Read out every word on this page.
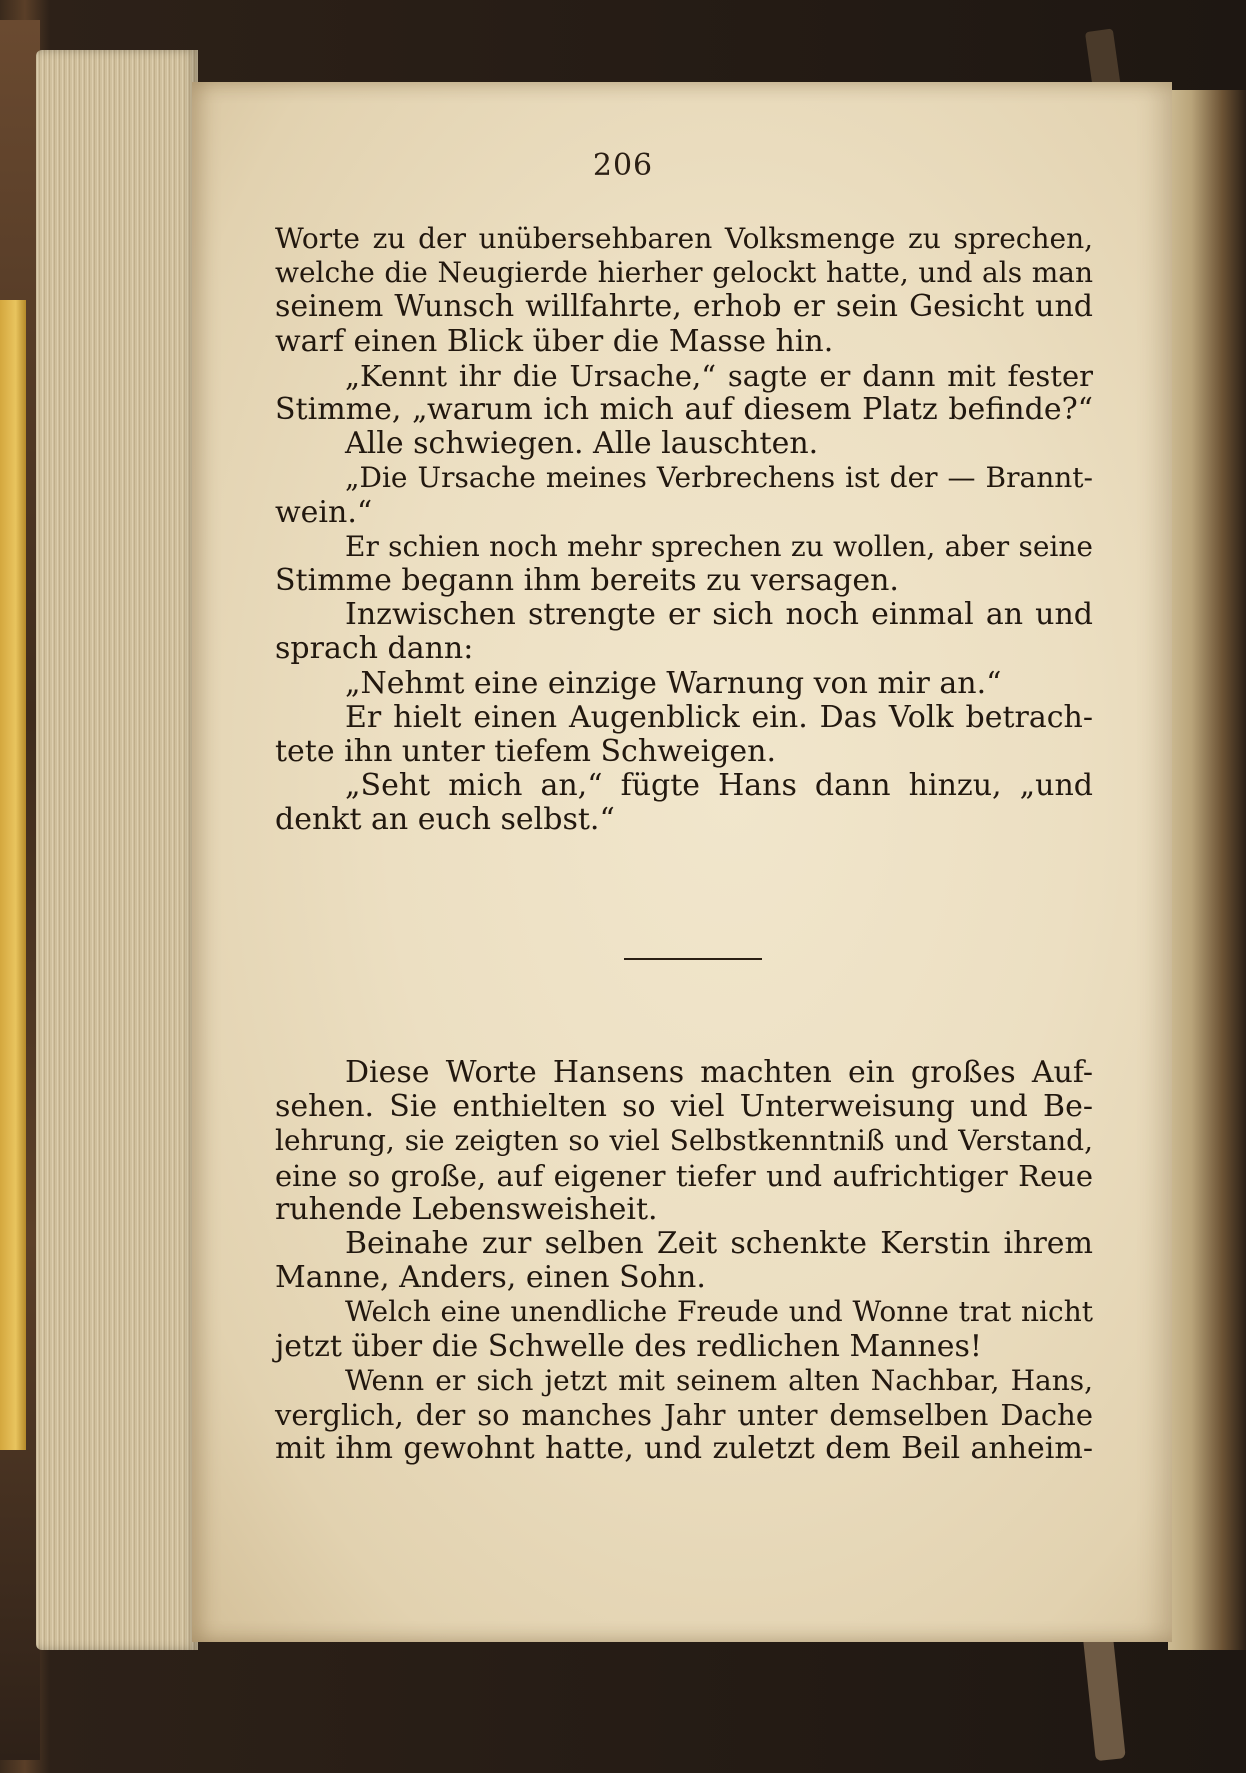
206
Worte zu der unübersehbaren Volksmenge zu sprechen,
welche die Neugierde hierher gelockt hatte, und als man
seinem Wunsch willfahrte, erhob er sein Gesicht und
warf einen Blick über die Masse hin.
„Kennt ihr die Ursache,“ sagte er dann mit fester
Stimme, „warum ich mich auf diesem Platz befinde?“
Alle schwiegen. Alle lauschten.
„Die Ursache meines Verbrechens ist der — Brannt-
wein.“
Er schien noch mehr sprechen zu wollen, aber seine
Stimme begann ihm bereits zu versagen.
Inzwischen strengte er sich noch einmal an und
sprach dann:
„Nehmt eine einzige Warnung von mir an.“
Er hielt einen Augenblick ein. Das Volk betrach-
tete ihn unter tiefem Schweigen.
„Seht mich an,“ fügte Hans dann hinzu, „und
denkt an euch selbst.“
Diese Worte Hansens machten ein großes Auf-
sehen. Sie enthielten so viel Unterweisung und Be-
lehrung, sie zeigten so viel Selbstkenntniß und Verstand,
eine so große, auf eigener tiefer und aufrichtiger Reue
ruhende Lebensweisheit.
Beinahe zur selben Zeit schenkte Kerstin ihrem
Manne, Anders, einen Sohn.
Welch eine unendliche Freude und Wonne trat nicht
jetzt über die Schwelle des redlichen Mannes!
Wenn er sich jetzt mit seinem alten Nachbar, Hans,
verglich, der so manches Jahr unter demselben Dache
mit ihm gewohnt hatte, und zuletzt dem Beil anheim-
